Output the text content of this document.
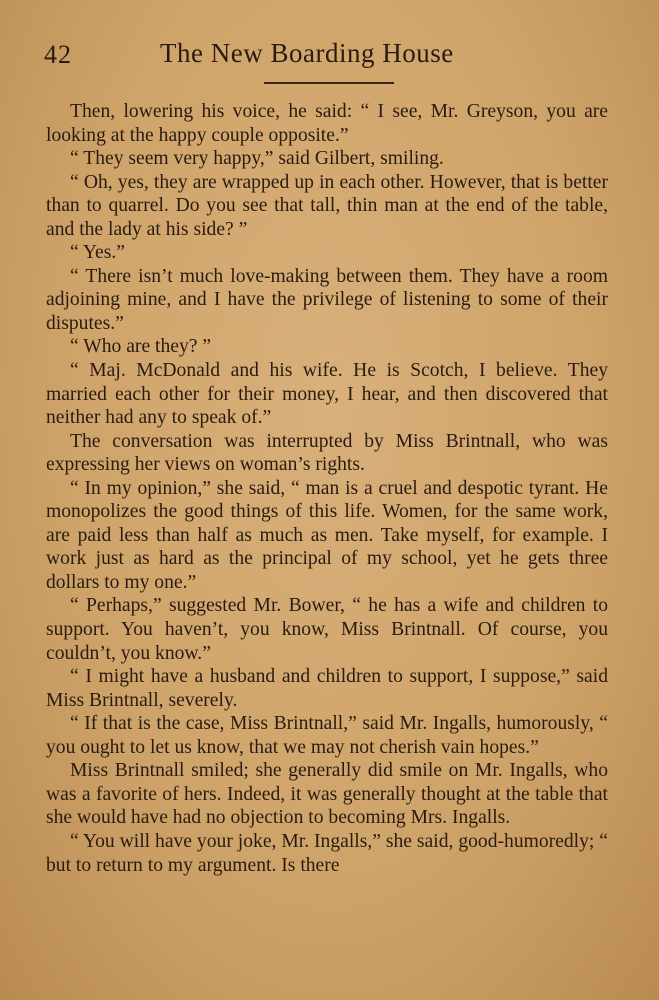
42	The New Boarding House

Then, lowering his voice, he said: “ I see, Mr. Greyson, you are looking at the happy couple opposite.”

“ They seem very happy,” said Gilbert, smiling.

“ Oh, yes, they are wrapped up in each other. However, that is better than to quarrel. Do you see that tall, thin man at the end of the table, and the lady at his side? ”

“ Yes.”

“ There isn’t much love-making between them. They have a room adjoining mine, and I have the privilege of listening to some of their disputes.”

“ Who are they? ”

“ Maj. McDonald and his wife. He is Scotch, I believe. They married each other for their money, I hear, and then discovered that neither had any to speak of.”

The conversation was interrupted by Miss Brintnall, who was expressing her views on woman’s rights.

“ In my opinion,” she said, “ man is a cruel and despotic tyrant. He monopolizes the good things of this life. Women, for the same work, are paid less than half as much as men. Take myself, for example. I work just as hard as the principal of my school, yet he gets three dollars to my one.”

“ Perhaps,” suggested Mr. Bower, “ he has a wife and children to support. You haven’t, you know, Miss Brintnall. Of course, you couldn’t, you know.”

“ I might have a husband and children to support, I suppose,” said Miss Brintnall, severely.

“ If that is the case, Miss Brintnall,” said Mr. Ingalls, humorously, “ you ought to let us know, that we may not cherish vain hopes.”

Miss Brintnall smiled; she generally did smile on Mr. Ingalls, who was a favorite of hers. Indeed, it was generally thought at the table that she would have had no objection to becoming Mrs. Ingalls.

“ You will have your joke, Mr. Ingalls,” she said, good-humoredly; “ but to return to my argument. Is there
